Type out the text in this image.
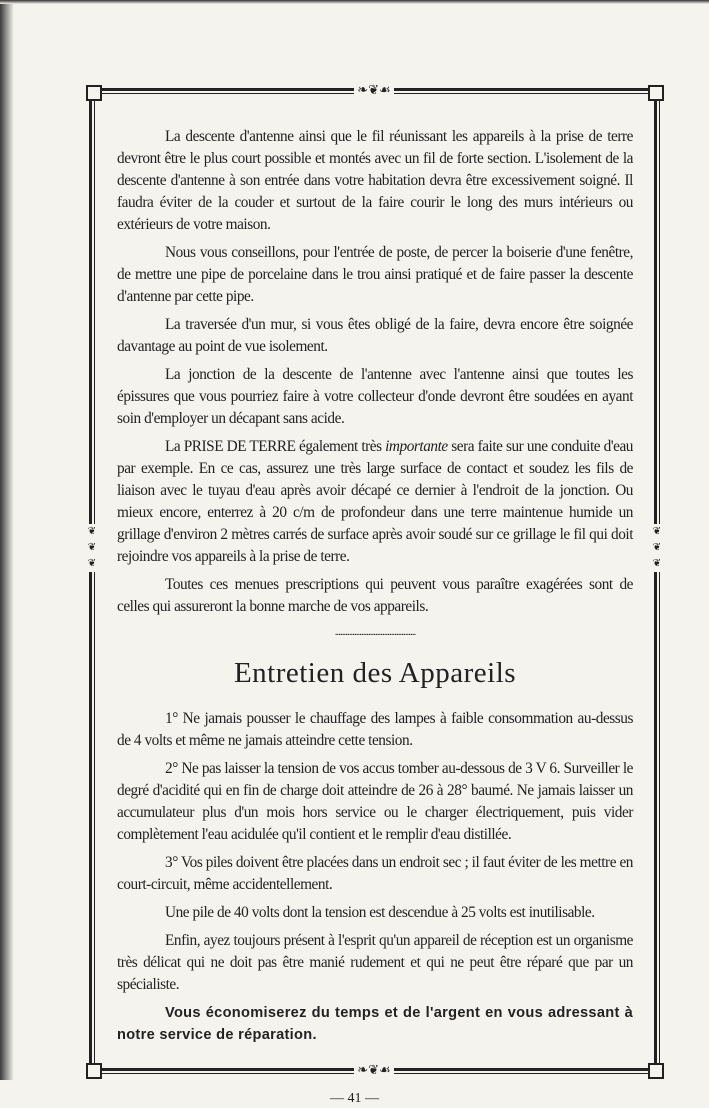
❧❦☙
❧❦☙
❦
❦
❦
❦
❦
❦

La descente d'antenne ainsi que le fil réunissant les appareils à la prise de terre devront être le plus court possible et montés avec un fil de forte section. L'isolement de la descente d'antenne à son entrée dans votre habitation devra être excessivement soigné. Il faudra éviter de la couder et surtout de la faire courir le long des murs intérieurs ou extérieurs de votre maison.

Nous vous conseillons, pour l'entrée de poste, de percer la boiserie d'une fenêtre, de mettre une pipe de porcelaine dans le trou ainsi pratiqué et de faire passer la descente d'antenne par cette pipe.

La traversée d'un mur, si vous êtes obligé de la faire, devra encore être soignée davantage au point de vue isolement.

La jonction de la descente de l'antenne avec l'antenne ainsi que toutes les épissures que vous pourriez faire à votre collecteur d'onde devront être soudées en ayant soin d'employer un décapant sans acide.

La PRISE DE TERRE également très importante sera faite sur une conduite d'eau par exemple. En ce cas, assurez une très large surface de contact et soudez les fils de liaison avec le tuyau d'eau après avoir décapé ce dernier à l'endroit de la jonction. Ou mieux encore, enterrez à 20 c/m de profondeur dans une terre maintenue humide un grillage d'environ 2 mètres carrés de surface après avoir soudé sur ce grillage le fil qui doit rejoindre vos appareils à la prise de terre.

Toutes ces menues prescriptions qui peuvent vous paraître exagérées sont de celles qui assureront la bonne marche de vos appareils.

..............................................
Entretien des Appareils

1° Ne jamais pousser le chauffage des lampes à faible consommation au-dessus de 4 volts et même ne jamais atteindre cette tension.

2° Ne pas laisser la tension de vos accus tomber au-dessous de 3 V 6. Surveiller le degré d'acidité qui en fin de charge doit atteindre de 26 à 28° baumé. Ne jamais laisser un accumulateur plus d'un mois hors service ou le charger électriquement, puis vider complètement l'eau acidulée qu'il contient et le remplir d'eau distillée.

3° Vos piles doivent être placées dans un endroit sec ; il faut éviter de les mettre en court-circuit, même accidentellement.

Une pile de 40 volts dont la tension est descendue à 25 volts est inutilisable.

Enfin, ayez toujours présent à l'esprit qu'un appareil de réception est un organisme très délicat qui ne doit pas être manié rudement et qui ne peut être réparé que par un spécialiste.

Vous économiserez du temps et de l'argent en vous adressant à notre service de réparation.

— 41 —
